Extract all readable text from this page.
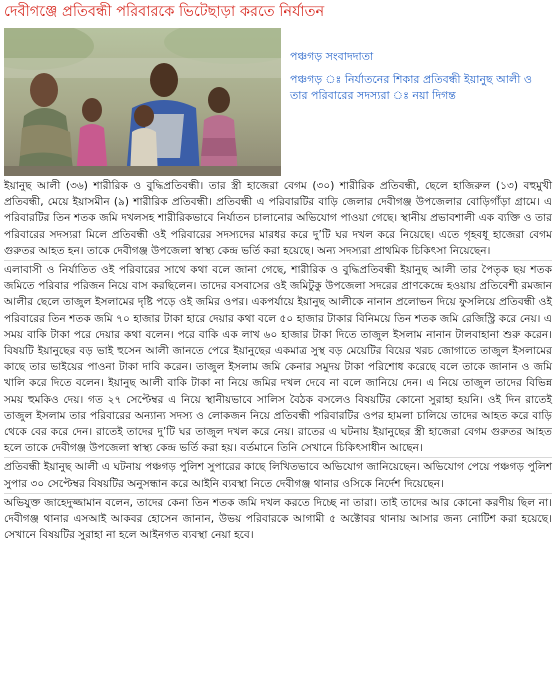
দেবীগঞ্জে প্রতিবন্ধী পরিবারকে ভিটেছাড়া করতে নির্যাতন
পঞ্চগড় সংবাদদাতা
পঞ্চগড় ঃ নির্যাতনের শিকার প্রতিবন্ধী ইয়ানুছ আলী ও তার পরিবারের সদস্যরা ঃ নয়া দিগন্ত

ইয়ানুছ আলী (৩৬) শারীরিক ও বুদ্ধিপ্রতিবন্ধী। তার স্ত্রী হাজেরা বেগম (৩০) শারীরিক প্রতিবন্ধী, ছেলে হাজিরুল (১৩) বহুমুখী প্রতিবন্ধী, মেয়ে ইয়াসমীন (৯) শারীরিক প্রতিবন্ধী। প্রতিবন্ধী এ পরিবারটির বাড়ি জেলার দেবীগঞ্জ উপজেলার বোড়িগাঁড়া গ্রামে। এ পরিবারটির তিন শতক জমি দখলসহ শারীরিকভাবে নির্যাতন চালানোর অভিযোগ পাওয়া গেছে। স্থানীয় প্রভাবশালী এক ব্যক্তি ও তার পরিবারের সদস্যরা মিলে প্রতিবন্ধী ওই পরিবারের সদস্যদের মারধর করে দু’টি ঘর দখল করে নিয়েছে। এতে গৃহবধূ হাজেরা বেগম গুরুতর আহত হন। তাকে দেবীগঞ্জ উপজেলা স্বাস্থ্য কেন্দ্র ভর্তি করা হয়েছে। অন্য সদস্যরা প্রাথমিক চিকিৎসা নিয়েছেন।

এলাবাসী ও নির্যাতিত ওই পরিবারের সাথে কথা বলে জানা গেছে, শারীরিক ও বুদ্ধিপ্রতিবন্ধী ইয়ানুছ আলী তার পৈতৃক ছয় শতক জমিতে পরিবার পরিজন নিয়ে বাস করছিলেন। তাদের বসবাসের ওই জমিটুকু উপজেলা সদরের প্রাণকেন্দ্রে হওয়ায় প্রতিবেশী রমজান আলীর ছেলে তাজুল ইসলামের দৃষ্টি পড়ে ওই জমির ওপর। একপর্যায়ে ইয়ানুছ আলীকে নানান প্রলোভন দিয়ে ফুসলিয়ে প্রতিবন্ধী ওই পরিবারের তিন শতক জমি ৭০ হাজার টাকা হারে দেয়ার কথা বলে ৫০ হাজার টাকার বিনিময়ে তিন শতক জমি রেজিস্ট্রি করে নেয়। এ সময় বাকি টাকা পরে দেয়ার কথা বলেন। পরে বাকি এক লাখ ৬০ হাজার টাকা দিতে তাজুল ইসলাম নানান টালবাহানা শুরু করেন। বিষয়টি ইয়ানুছের বড় ভাই হুসেন আলী জানতে পেরে ইয়ানুছের একমাত্র সুস্থ বড় মেয়েটির বিয়ের খরচ জোগাতে তাজুল ইসলামের কাছে তার ভাইয়ের পাওনা টাকা দাবি করেন। তাজুল ইসলাম জমি কেনার সমুদয় টাকা পরিশোধ করেছে বলে তাকে জানান ও জমি খালি করে দিতে বলেন। ইয়ানুছ আলী বাকি টাকা না নিয়ে জমির দখল দেবে না বলে জানিয়ে দেন। এ নিয়ে তাজুল তাদের বিভিন্ন সময় হুমকিও দেয়। গত ২৭ সেপ্টেম্বর এ নিয়ে স্থানীয়ভাবে সালিস বৈঠক বসলেও বিষয়টির কোনো সুরাহা হয়নি। ওই দিন রাতেই তাজুল ইসলাম তার পরিবারের অন্যান্য সদস্য ও লোকজন নিয়ে প্রতিবন্ধী পরিবারটির ওপর হামলা চালিয়ে তাদের আহত করে বাড়ি থেকে বের করে দেন। রাতেই তাদের দু’টি ঘর তাজুল দখল করে নেয়। রাতের এ ঘটনায় ইয়ানুছের স্ত্রী হাজেরা বেগম গুরুতর আহত হলে তাকে দেবীগঞ্জ উপজেলা স্বাস্থ্য কেন্দ্র ভর্তি করা হয়। বর্তমানে তিনি সেখানে চিকিৎসাধীন আছেন।

প্রতিবন্ধী ইয়ানুছ আলী এ ঘটনায় পঞ্চগড় পুলিশ সুপারের কাছে লিখিতভাবে অভিযোগ জানিয়েছেন। অভিযোগ পেয়ে পঞ্চগড় পুলিশ সুপার ৩০ সেপ্টেম্বর বিষয়টির অনুসন্ধান করে আইনি ব্যবস্থা নিতে দেবীগঞ্জ থানার ওসিকে নির্দেশ দিয়েছেন।

অভিযুক্ত জাহেদুজ্জামান বলেন, তাদের কেনা তিন শতক জমি দখল করতে দিচ্ছে না তারা। তাই তাদের আর কোনো করণীয় ছিল না। দেবীগঞ্জ থানার এসআই আকবর হোসেন জানান, উভয় পরিবারকে আগামী ৫ অক্টোবর থানায় আসার জন্য নোটিশ করা হয়েছে। সেখানে বিষয়টির সুরাহা না হলে আইনগত ব্যবস্থা নেয়া হবে।
